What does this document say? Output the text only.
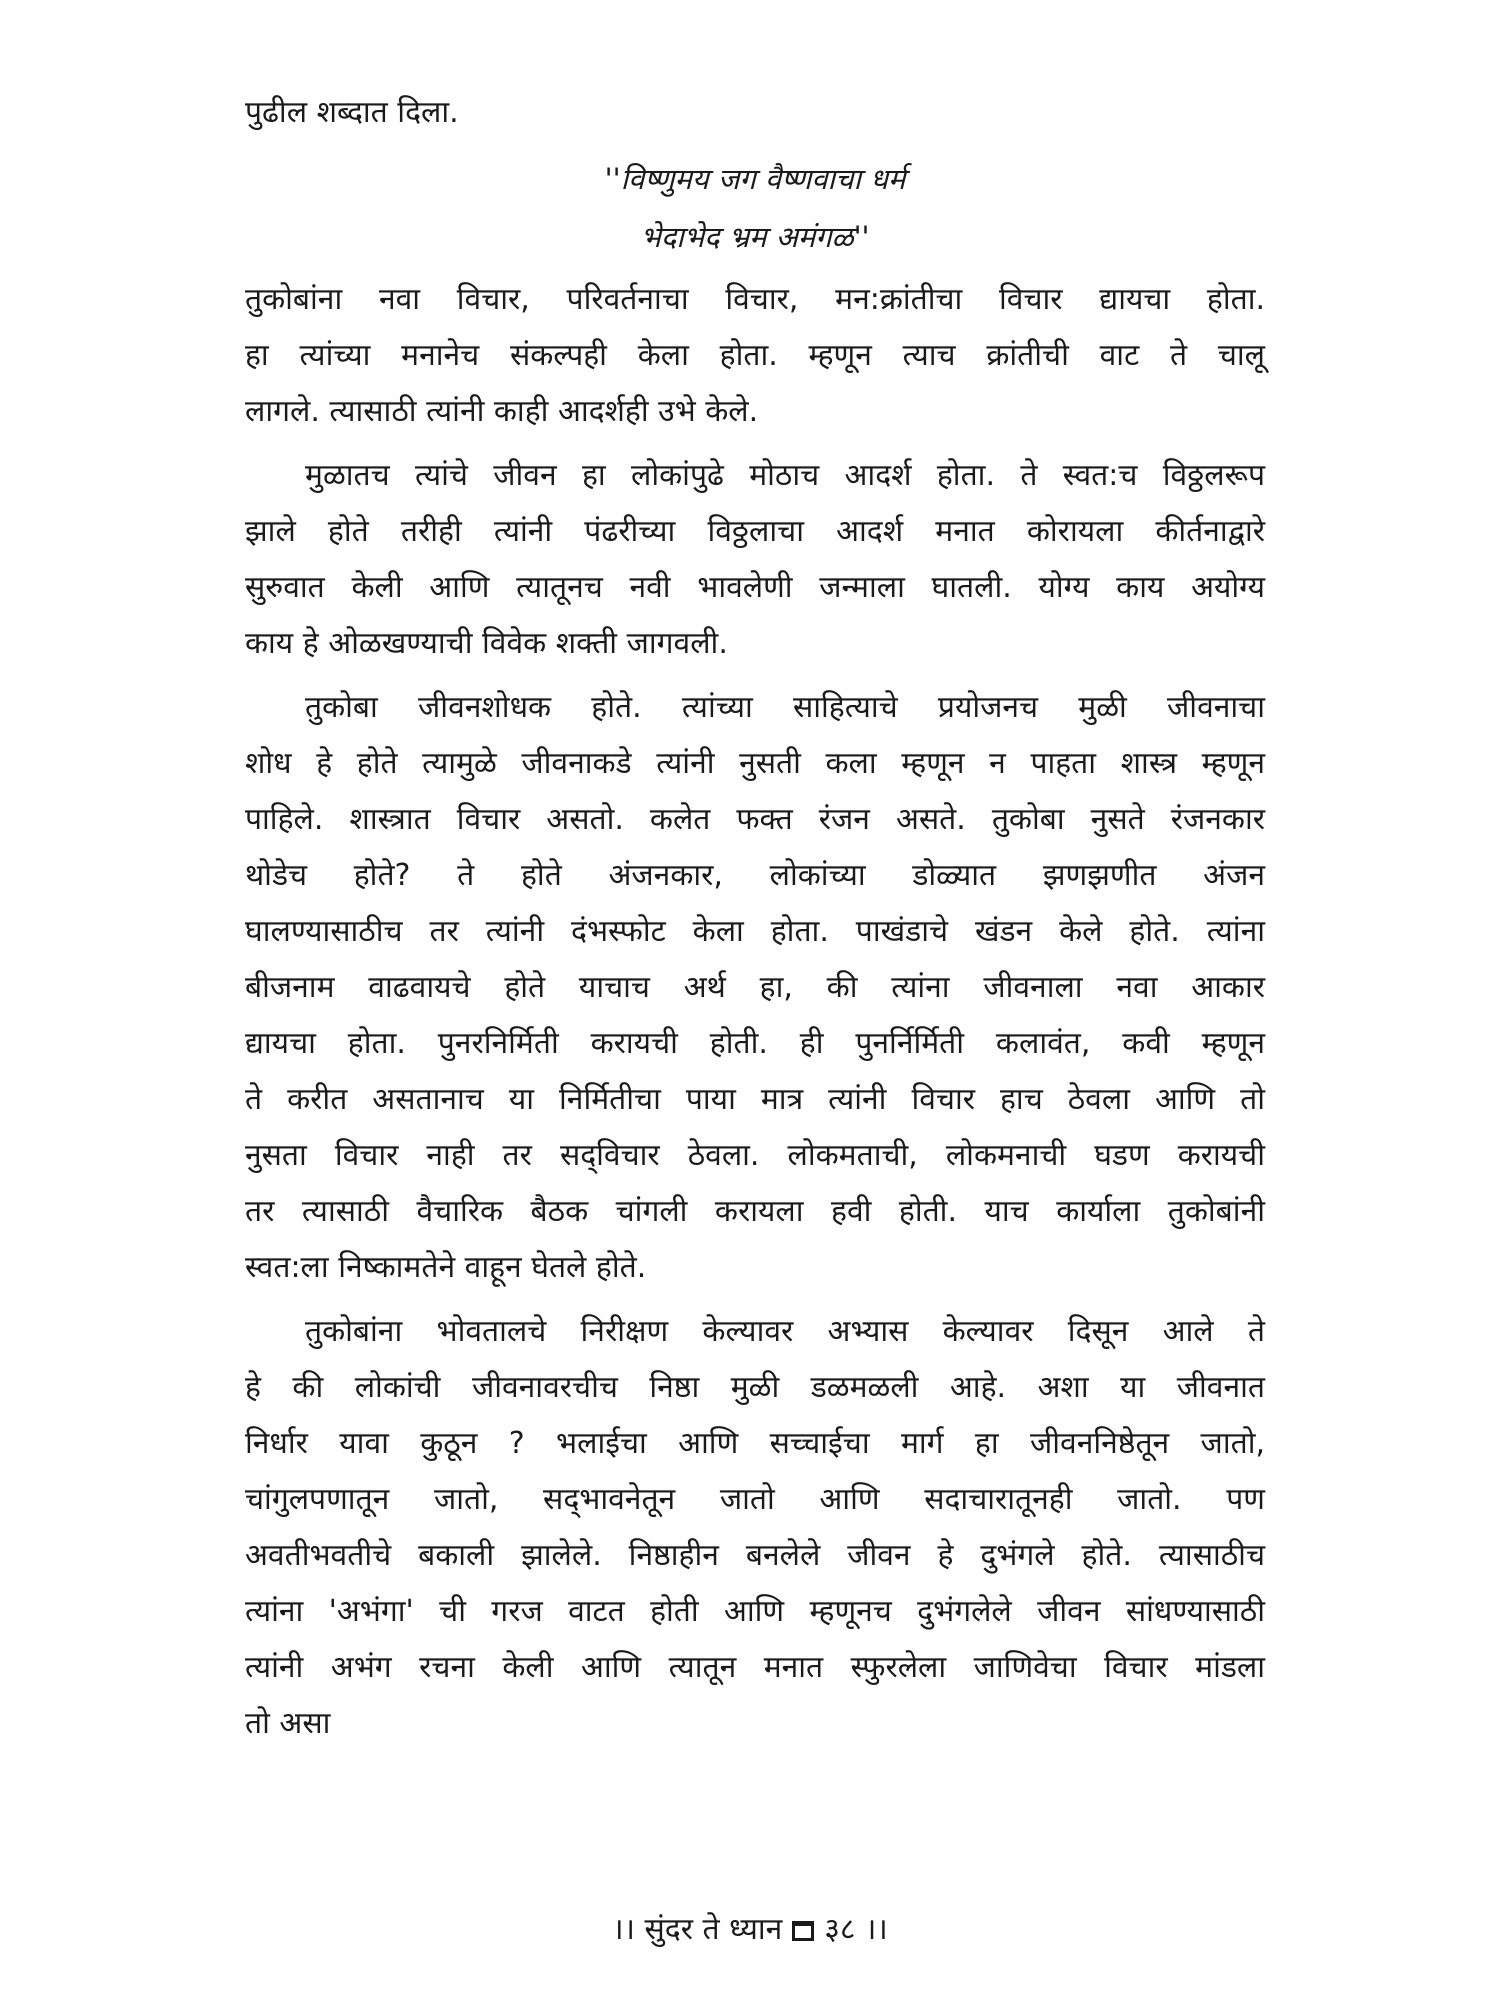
पुढील शब्दात दिला.
''विष्णुमय जग वैष्णवाचा धर्म
भेदाभेद भ्रम अमंगळ''
तुकोबांना नवा विचार, परिवर्तनाचा विचार, मन:क्रांतीचा विचार द्यायचा होता.
हा त्यांच्या मनानेच संकल्पही केला होता. म्हणून त्याच क्रांतीची वाट ते चालू
लागले. त्यासाठी त्यांनी काही आदर्शही उभे केले.
मुळातच त्यांचे जीवन हा लोकांपुढे मोठाच आदर्श होता. ते स्वत:च विठ्ठलरूप
झाले होते तरीही त्यांनी पंढरीच्या विठ्ठलाचा आदर्श मनात कोरायला कीर्तनाद्वारे
सुरुवात केली आणि त्यातूनच नवी भावलेणी जन्माला घातली. योग्य काय अयोग्य
काय हे ओळखण्याची विवेक शक्ती जागवली.
तुकोबा जीवनशोधक होते. त्यांच्या साहित्याचे प्रयोजनच मुळी जीवनाचा
शोध हे होते त्यामुळे जीवनाकडे त्यांनी नुसती कला म्हणून न पाहता शास्त्र म्हणून
पाहिले. शास्त्रात विचार असतो. कलेत फक्त रंजन असते. तुकोबा नुसते रंजनकार
थोडेच होते? ते होते अंजनकार, लोकांच्या डोळ्यात झणझणीत अंजन
घालण्यासाठीच तर त्यांनी दंभस्फोट केला होता. पाखंडाचे खंडन केले होते. त्यांना
बीजनाम वाढवायचे होते याचाच अर्थ हा, की त्यांना जीवनाला नवा आकार
द्यायचा होता. पुनरनिर्मिती करायची होती. ही पुनर्निर्मिती कलावंत, कवी म्हणून
ते करीत असतानाच या निर्मितीचा पाया मात्र त्यांनी विचार हाच ठेवला आणि तो
नुसता विचार नाही तर सद्‌विचार ठेवला. लोकमताची, लोकमनाची घडण करायची
तर त्यासाठी वैचारिक बैठक चांगली करायला हवी होती. याच कार्याला तुकोबांनी
स्वत:ला निष्कामतेने वाहून घेतले होते.
तुकोबांना भोवतालचे निरीक्षण केल्यावर अभ्यास केल्यावर दिसून आले ते
हे की लोकांची जीवनावरचीच निष्ठा मुळी डळमळली आहे. अशा या जीवनात
निर्धार यावा कुठून ? भलाईचा आणि सच्चाईचा मार्ग हा जीवननिष्ठेतून जातो,
चांगुलपणातून जातो, सद्‌भावनेतून जातो आणि सदाचारातूनही जातो. पण
अवतीभवतीचे बकाली झालेले. निष्ठाहीन बनलेले जीवन हे दुभंगले होते. त्यासाठीच
त्यांना 'अभंगा' ची गरज वाटत होती आणि म्हणूनच दुभंगलेले जीवन सांधण्यासाठी
त्यांनी अभंग रचना केली आणि त्यातून मनात स्फुरलेला जाणिवेचा विचार मांडला
तो असा
।। सुंदर ते ध्यान ३८ ।।
